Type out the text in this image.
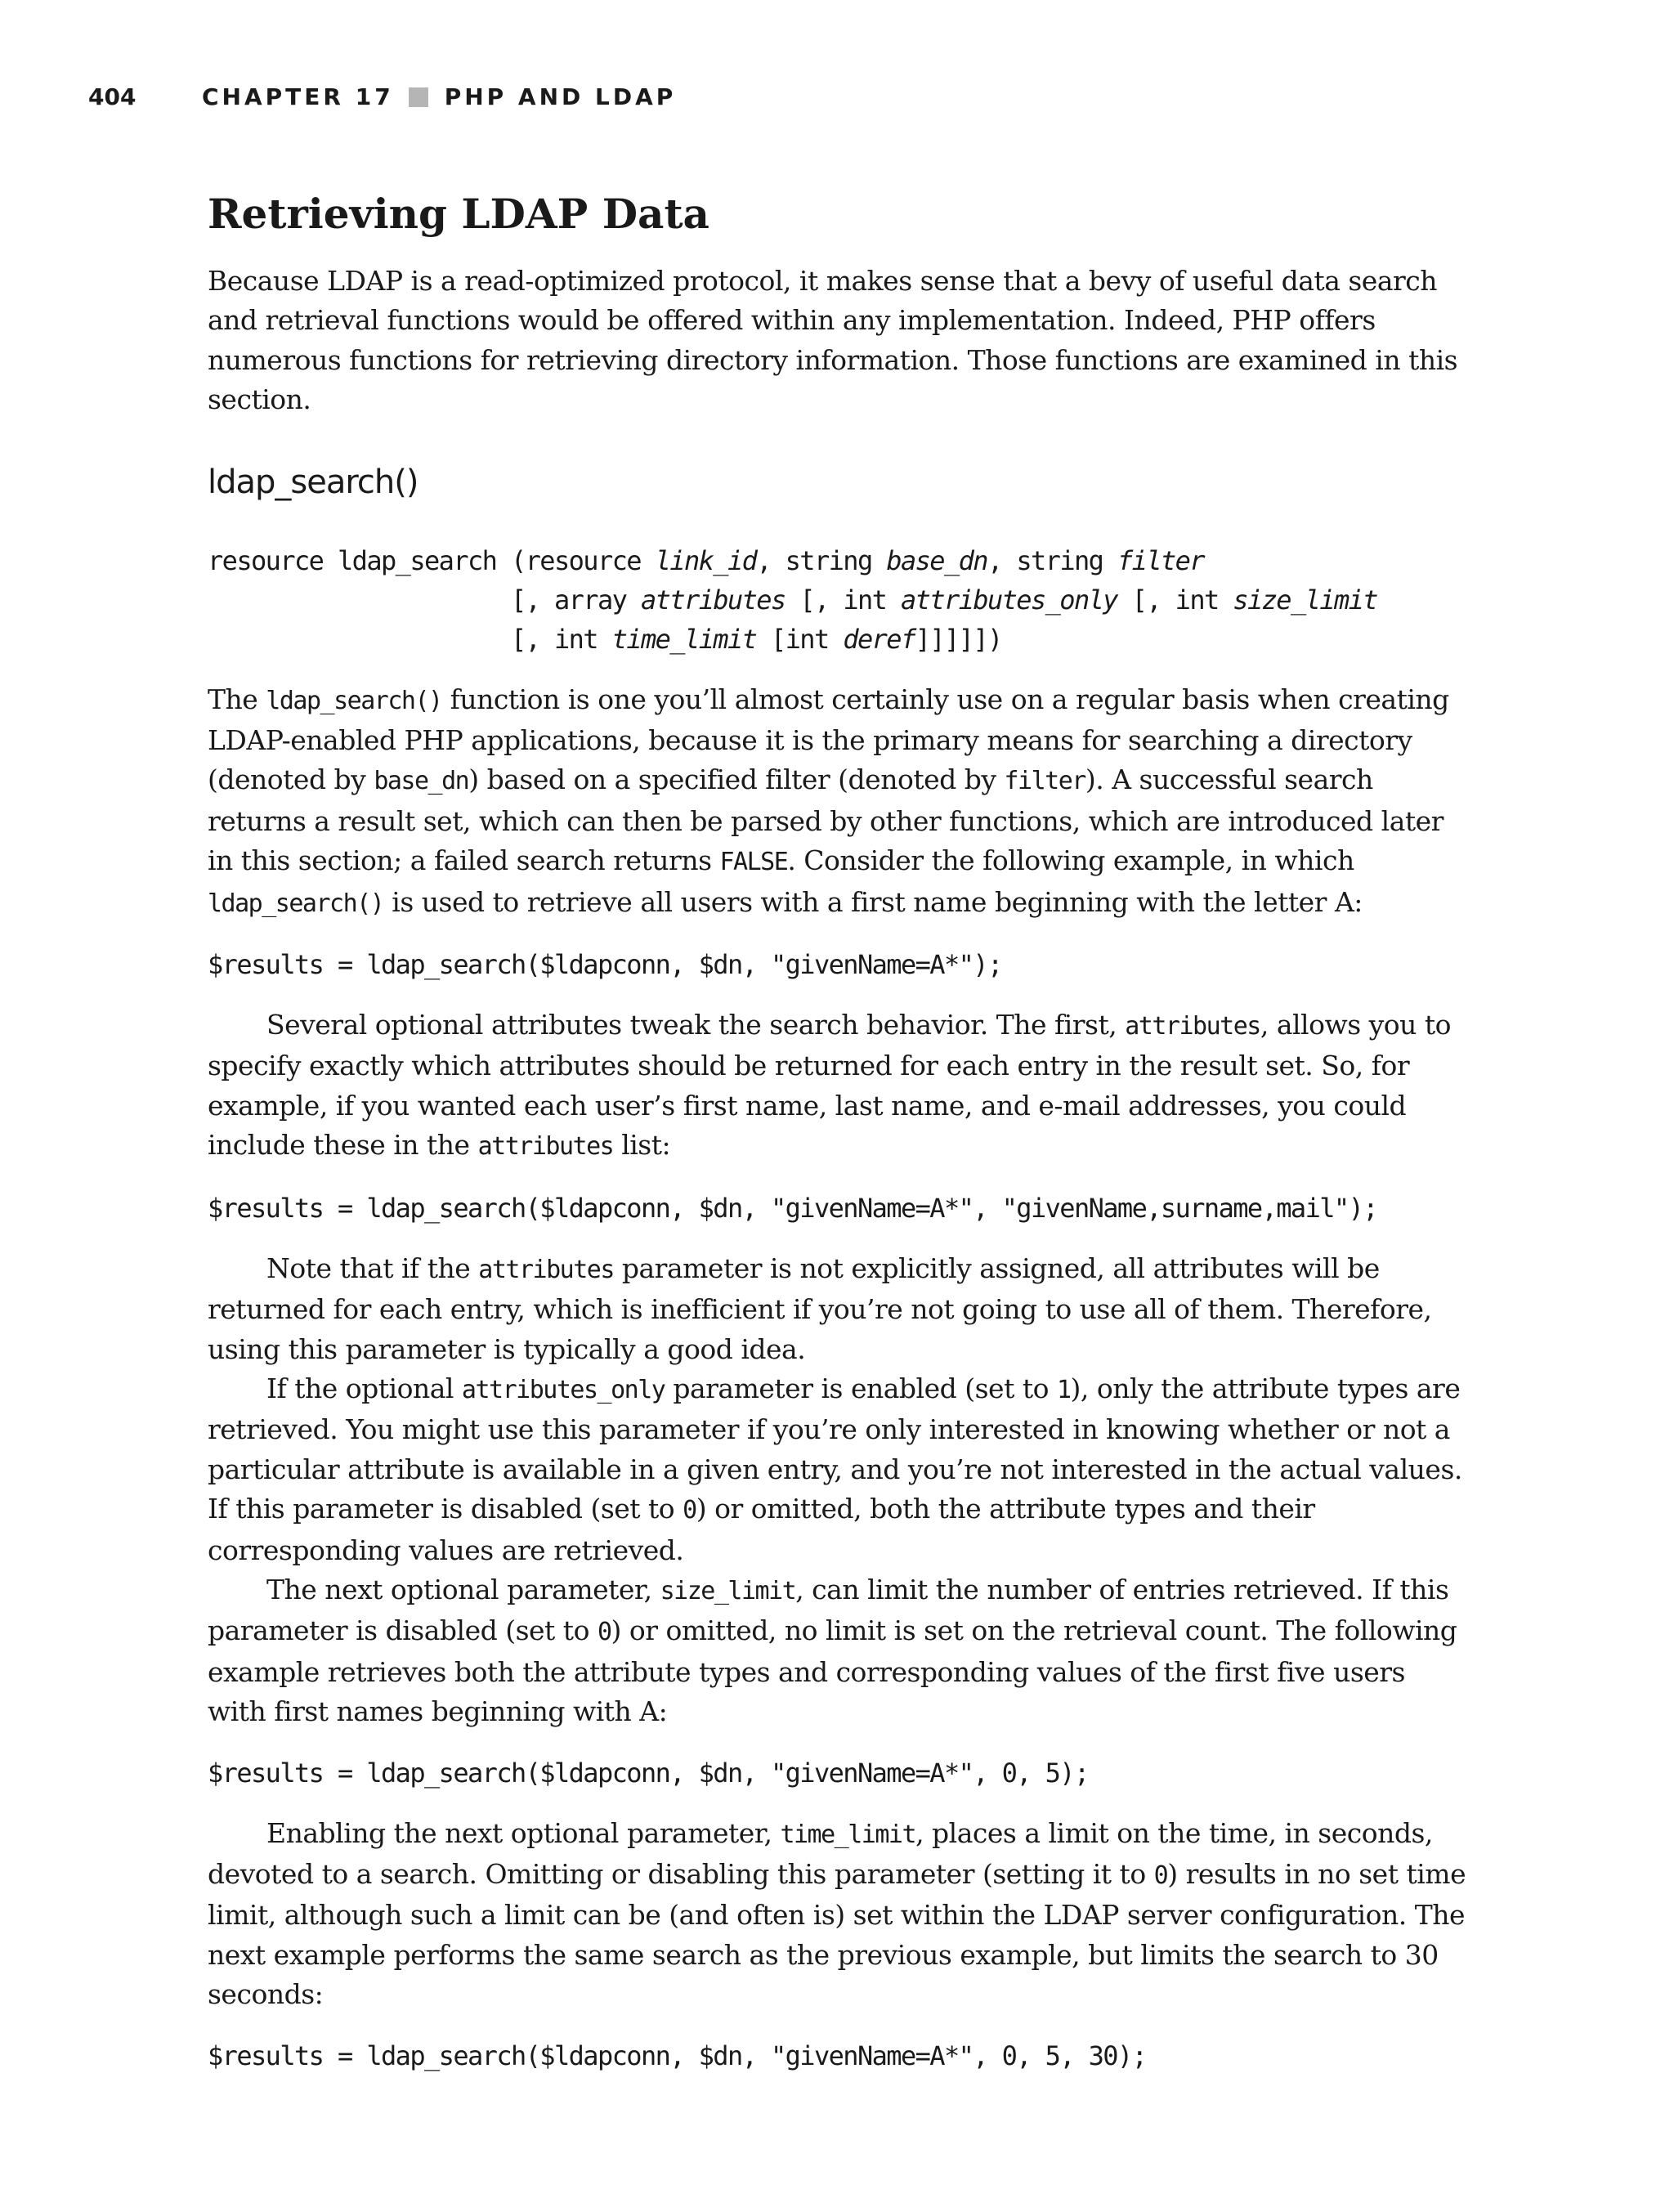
404	CHAPTER 17 PHP AND LDAP
Retrieving LDAP Data

Because LDAP is a read-optimized protocol, it makes sense that a bevy of useful data search and retrieval functions would be offered within any implementation. Indeed, PHP offers numerous functions for retrieving directory information. Those functions are examined in this section.

ldap_search()
resource ldap_search (resource link_id, string base_dn, string filter
[, array attributes [, int attributes_only [, int size_limit
[, int time_limit [int deref]]]]])

The ldap_search() function is one you’ll almost certainly use on a regular basis when creating LDAP-enabled PHP applications, because it is the primary means for searching a directory (denoted by base_dn) based on a specified filter (denoted by filter). A successful search returns a result set, which can then be parsed by other functions, which are introduced later in this section; a failed search returns FALSE. Consider the following example, in which ldap_search() is used to retrieve all users with a first name beginning with the letter A:

$results = ldap_search($ldapconn, $dn, "givenName=A*");

Several optional attributes tweak the search behavior. The first, attributes, allows you to specify exactly which attributes should be returned for each entry in the result set. So, for example, if you wanted each user’s first name, last name, and e-mail addresses, you could include these in the attributes list:

$results = ldap_search($ldapconn, $dn, "givenName=A*", "givenName,surname,mail");

Note that if the attributes parameter is not explicitly assigned, all attributes will be returned for each entry, which is inefficient if you’re not going to use all of them. Therefore, using this parameter is typically a good idea.

If the optional attributes_only parameter is enabled (set to 1), only the attribute types are retrieved. You might use this parameter if you’re only interested in knowing whether or not a particular attribute is available in a given entry, and you’re not interested in the actual values. If this parameter is disabled (set to 0) or omitted, both the attribute types and their corresponding values are retrieved.

The next optional parameter, size_limit, can limit the number of entries retrieved. If this parameter is disabled (set to 0) or omitted, no limit is set on the retrieval count. The following example retrieves both the attribute types and corresponding values of the first five users with first names beginning with A:

$results = ldap_search($ldapconn, $dn, "givenName=A*", 0, 5);

Enabling the next optional parameter, time_limit, places a limit on the time, in seconds, devoted to a search. Omitting or disabling this parameter (setting it to 0) results in no set time limit, although such a limit can be (and often is) set within the LDAP server configuration. The next example performs the same search as the previous example, but limits the search to 30 seconds:

$results = ldap_search($ldapconn, $dn, "givenName=A*", 0, 5, 30);
